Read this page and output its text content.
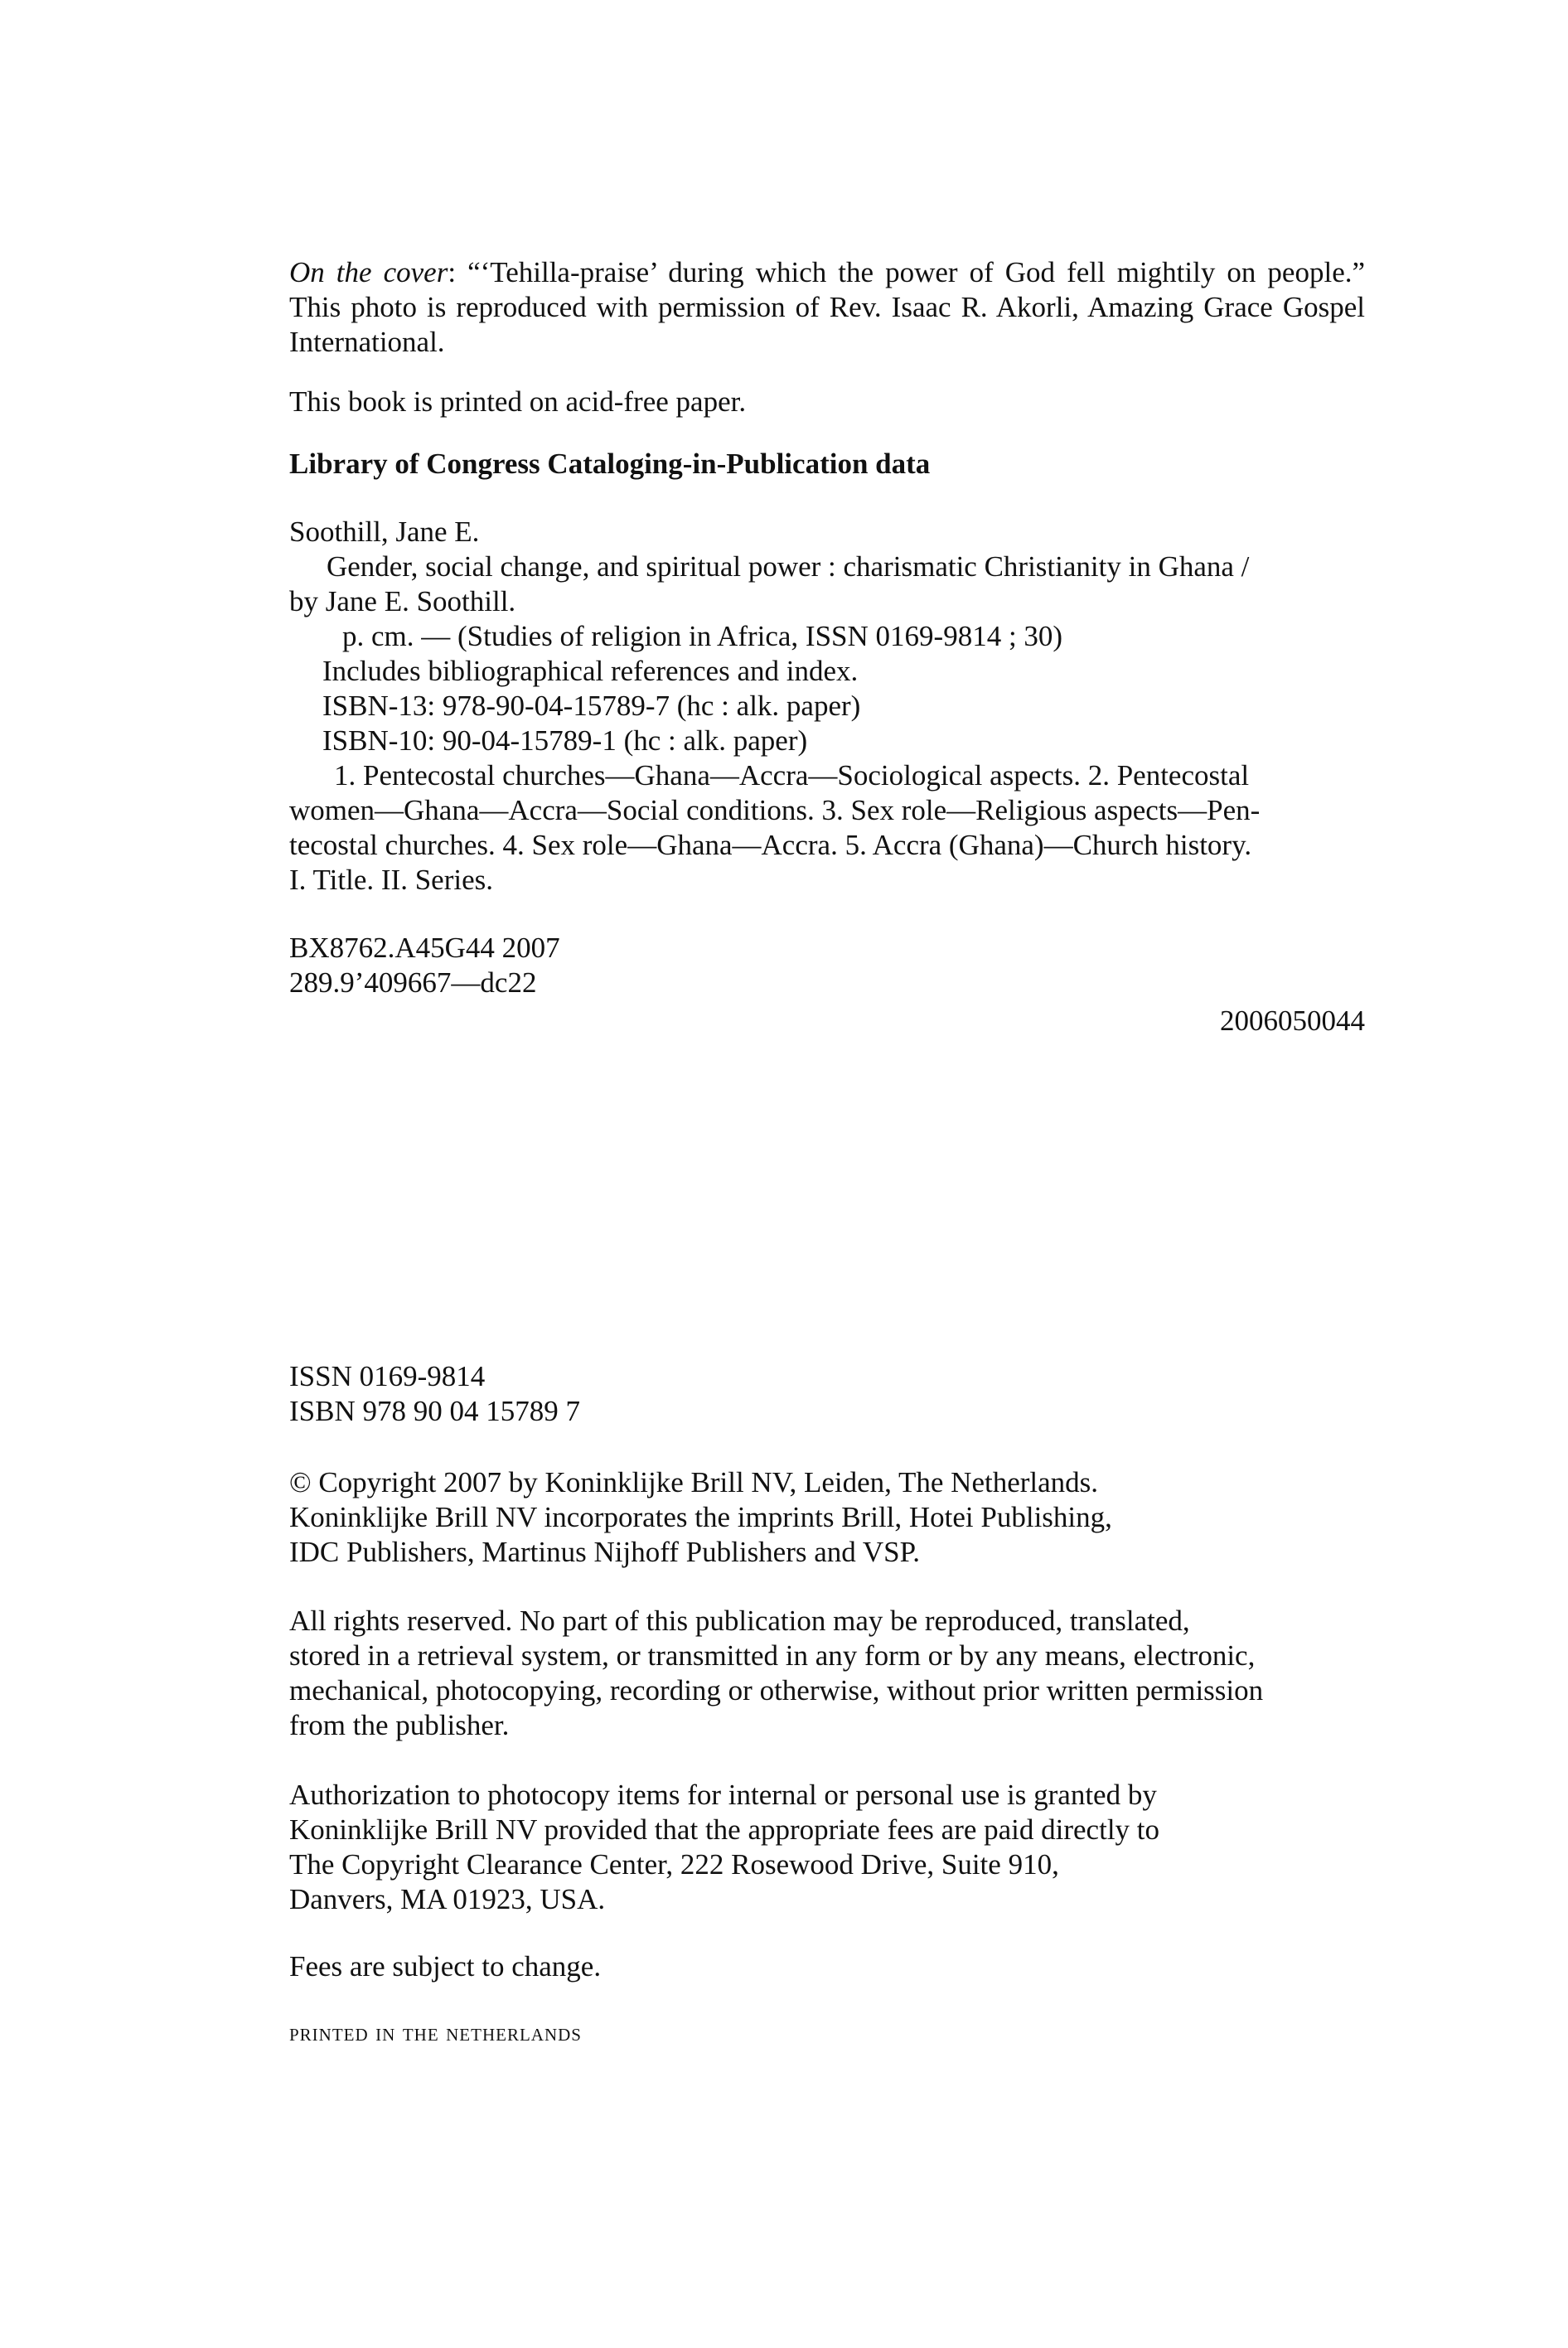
On the cover: “‘Tehilla-praise’ during which the power of God fell mightily on people.” This photo is reproduced with permission of Rev. Isaac R. Akorli, Amazing Grace Gospel International.

This book is printed on acid-free paper.

Library of Congress Cataloging-in-Publication data

Soothill, Jane E.
Gender, social change, and spiritual power : charismatic Christianity in Ghana /
by Jane E. Soothill.
p. cm. — (Studies of religion in Africa, ISSN 0169-9814 ; 30)
Includes bibliographical references and index.
ISBN-13: 978-90-04-15789-7 (hc : alk. paper)
ISBN-10: 90-04-15789-1 (hc : alk. paper)
1. Pentecostal churches—Ghana—Accra—Sociological aspects. 2. Pentecostal
women—Ghana—Accra—Social conditions. 3. Sex role—Religious aspects—Pen-
tecostal churches. 4. Sex role—Ghana—Accra. 5. Accra (Ghana)—Church history.
I. Title. II. Series.
BX8762.A45G44 2007
289.9’409667—dc22
2006050044
ISSN 0169-9814
ISBN 978 90 04 15789 7
© Copyright 2007 by Koninklijke Brill NV, Leiden, The Netherlands.
Koninklijke Brill NV incorporates the imprints Brill, Hotei Publishing,
IDC Publishers, Martinus Nijhoff Publishers and VSP.
All rights reserved. No part of this publication may be reproduced, translated,
stored in a retrieval system, or transmitted in any form or by any means, electronic,
mechanical, photocopying, recording or otherwise, without prior written permission
from the publisher.
Authorization to photocopy items for internal or personal use is granted by
Koninklijke Brill NV provided that the appropriate fees are paid directly to
The Copyright Clearance Center, 222 Rosewood Drive, Suite 910,
Danvers, MA 01923, USA.
Fees are subject to change.
printed in the netherlands
